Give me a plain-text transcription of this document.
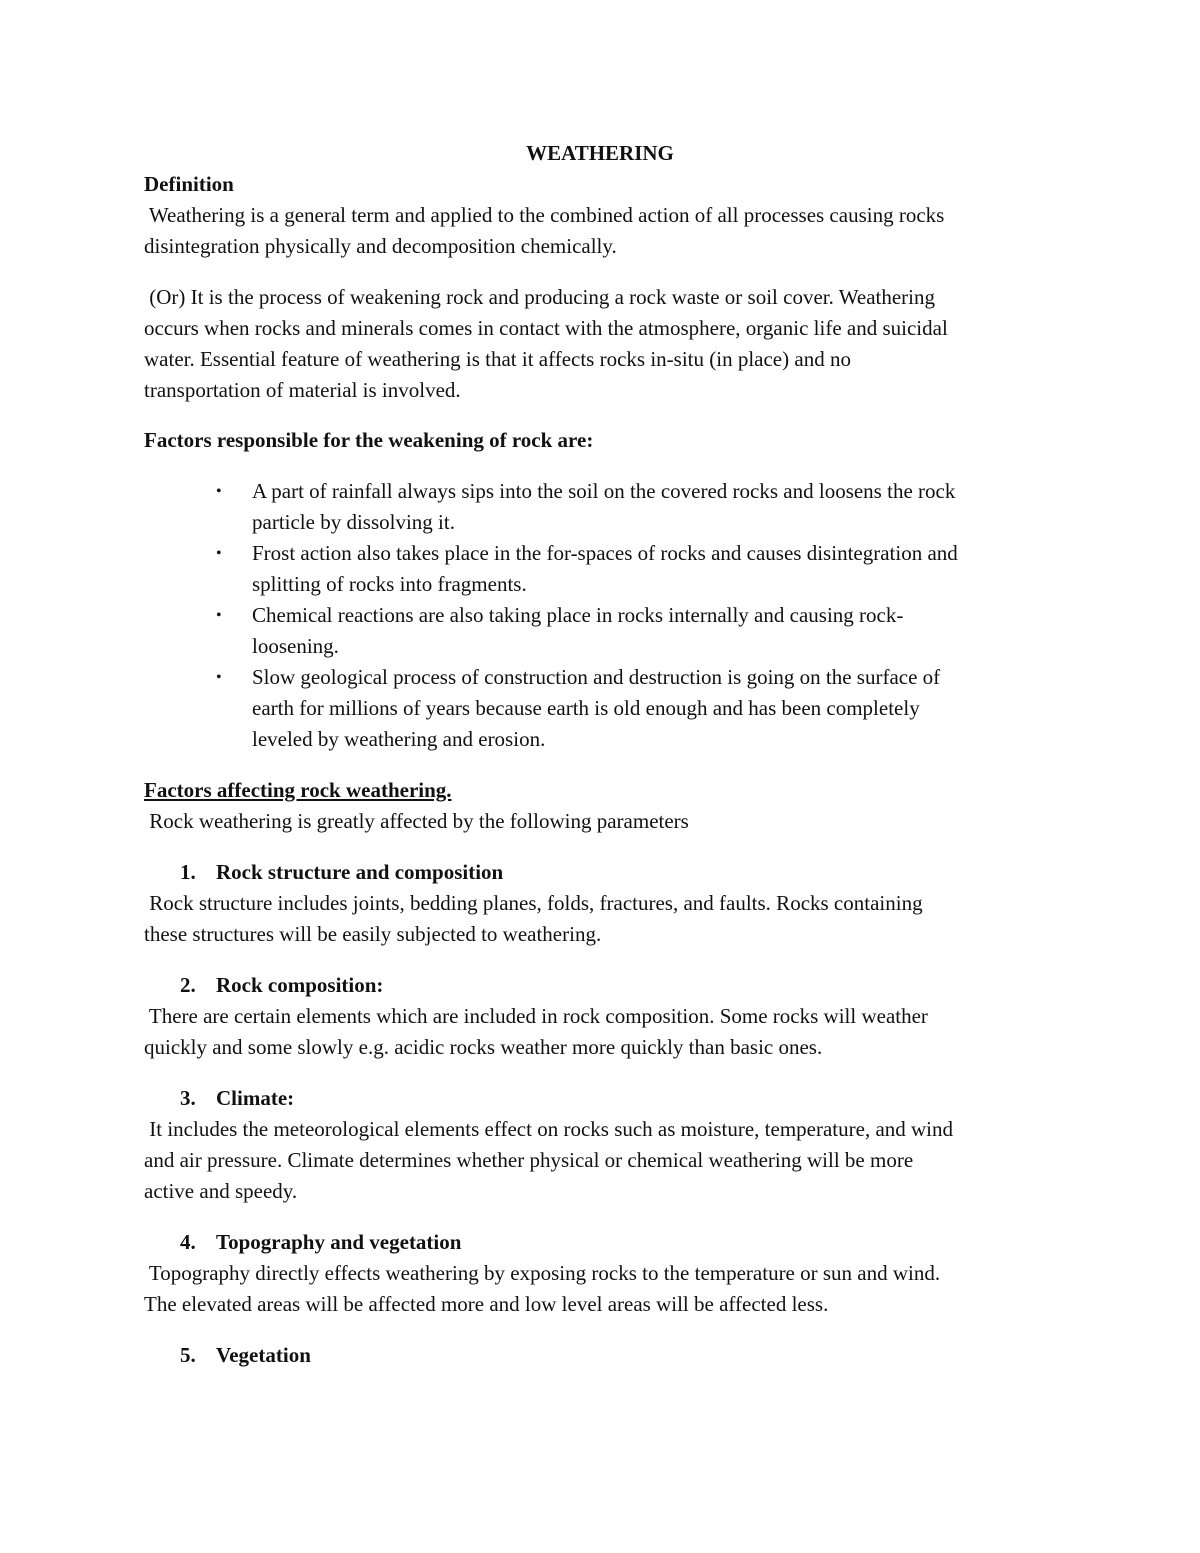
WEATHERING
Definition
Weathering is a general term and applied to the combined action of all processes causing rocks
disintegration physically and decomposition chemically.
(Or) It is the process of weakening rock and producing a rock waste or soil cover. Weathering
occurs when rocks and minerals comes in contact with the atmosphere, organic life and suicidal
water. Essential feature of weathering is that it affects rocks in-situ (in place) and no
transportation of material is involved.
Factors responsible for the weakening of rock are:
• A part of rainfall always sips into the soil on the covered rocks and loosens the rock
particle by dissolving it.
• Frost action also takes place in the for-spaces of rocks and causes disintegration and
splitting of rocks into fragments.
• Chemical reactions are also taking place in rocks internally and causing rock-
loosening.
• Slow geological process of construction and destruction is going on the surface of
earth for millions of years because earth is old enough and has been completely
leveled by weathering and erosion.
Factors affecting rock weathering.
Rock weathering is greatly affected by the following parameters
1. Rock structure and composition
Rock structure includes joints, bedding planes, folds, fractures, and faults. Rocks containing
these structures will be easily subjected to weathering.
2. Rock composition:
There are certain elements which are included in rock composition. Some rocks will weather
quickly and some slowly e.g. acidic rocks weather more quickly than basic ones.
3. Climate:
It includes the meteorological elements effect on rocks such as moisture, temperature, and wind
and air pressure. Climate determines whether physical or chemical weathering will be more
active and speedy.
4. Topography and vegetation
Topography directly effects weathering by exposing rocks to the temperature or sun and wind.
The elevated areas will be affected more and low level areas will be affected less.
5. Vegetation
